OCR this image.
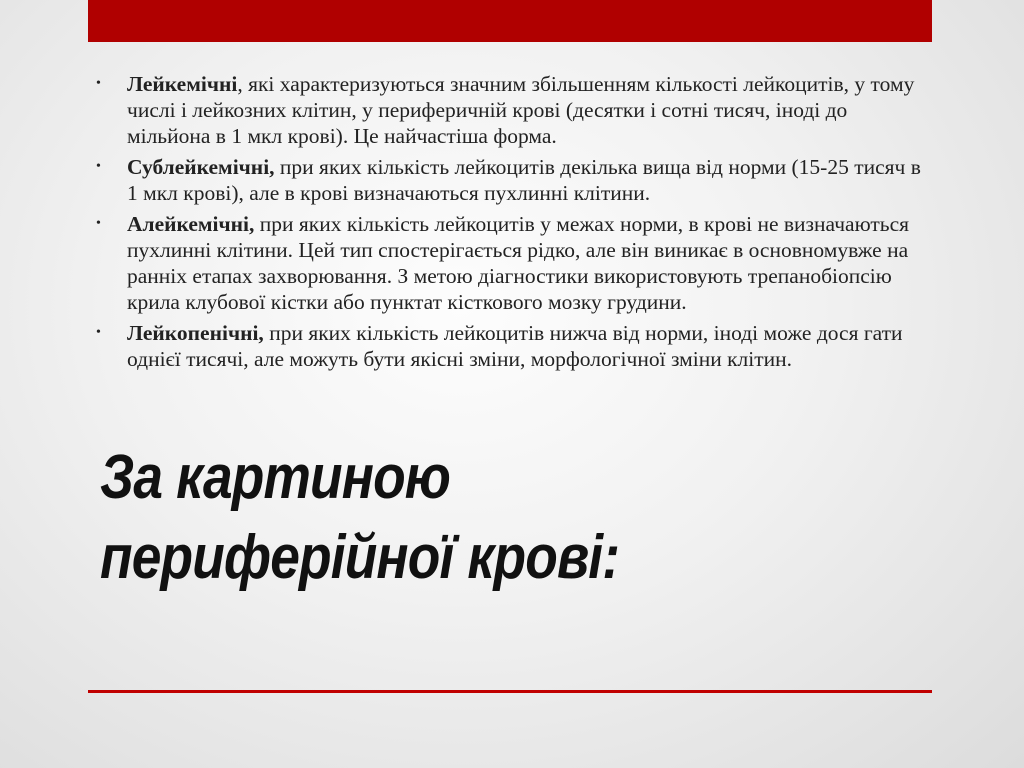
• Лейкемічні, які характеризуються значним збільшенням кількості лейкоцитів, у тому числі і лейкозних клітин, у периферичній крові (десятки і сотні тисяч, іноді до мільйона в 1 мкл крові). Це найчастіша форма.
• Сублейкемічні, при яких кількість лейкоцитів декілька вища від норми (15-25 тисяч в 1 мкл крові), але в крові визначаються пухлинні клітини.
• Алейкемічні, при яких кількість лейкоцитів у межах норми, в крові не визначаються пухлинні клітини. Цей тип спостерігається рідко, але він виникає в основномувже на ранніх етапах захворювання. З метою діагностики використовують трепанобіопсію крила клубової кістки або пунктат кісткового мозку грудини.
• Лейкопенічні, при яких кількість лейкоцитів нижча від норми, іноді може дося гати однієї тисячі, але можуть бути якісні зміни, морфологічної зміни клітин.
За картиною периферійної крові:
